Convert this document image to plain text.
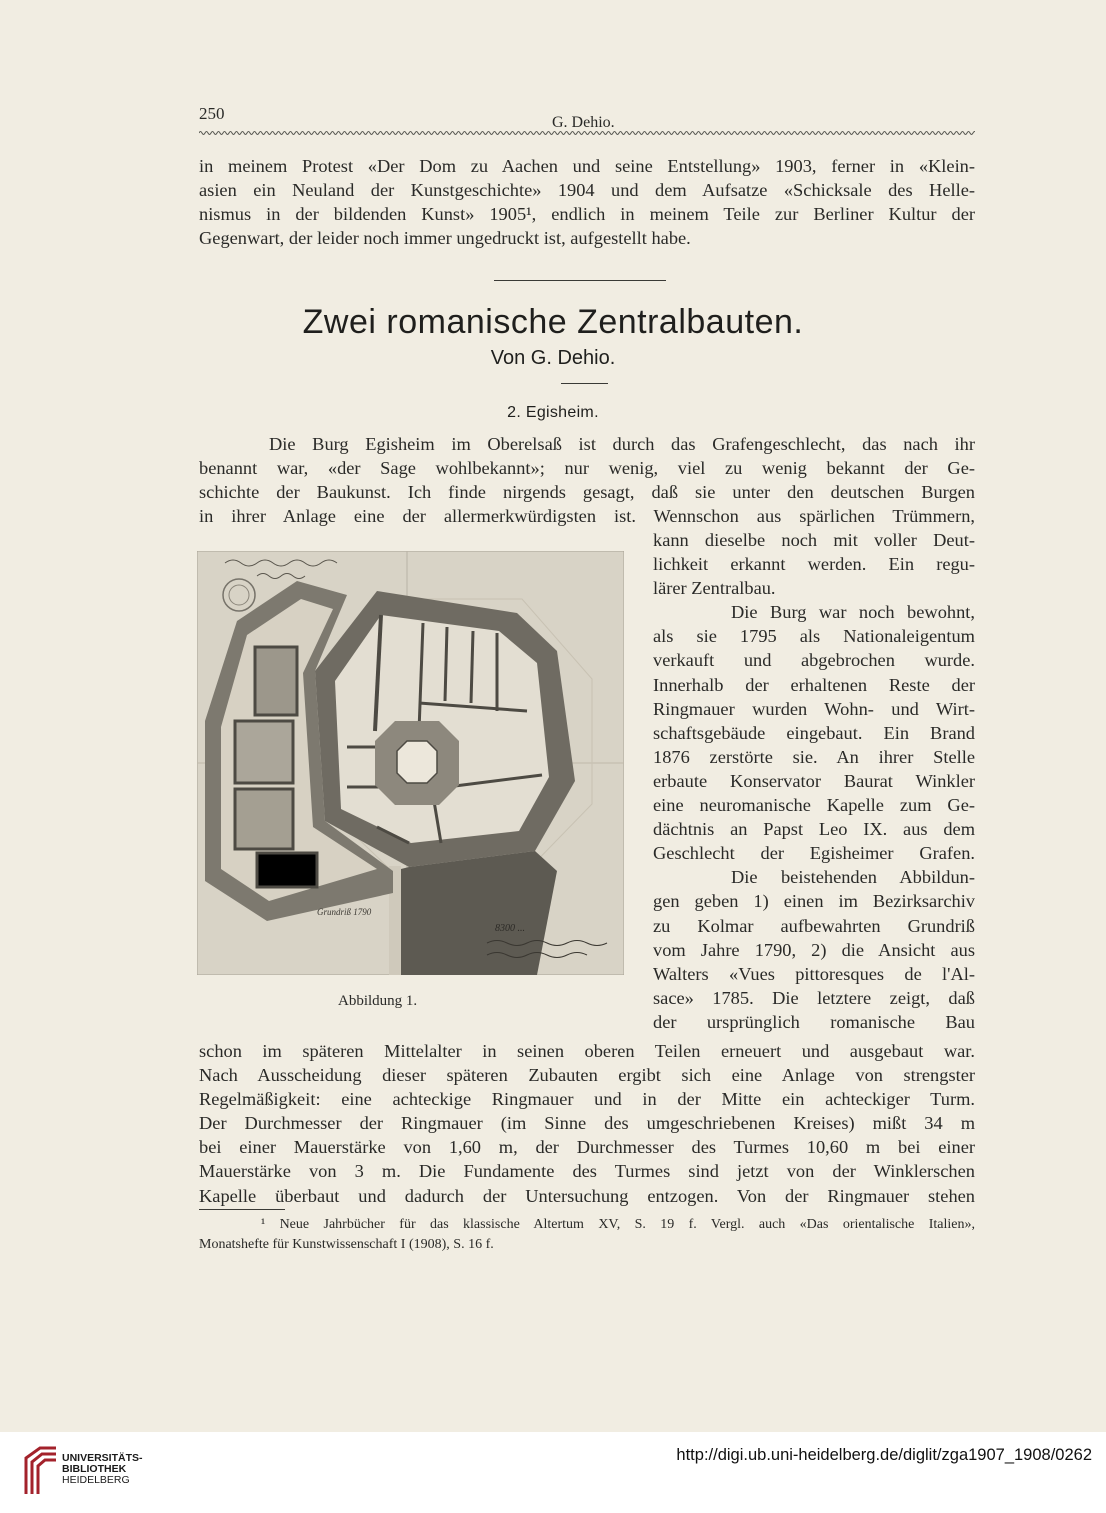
250	G. Dehio.
in meinem Protest «Der Dom zu Aachen und seine Entstellung» 1903, ferner in «Klein-
asien ein Neuland der Kunstgeschichte» 1904 und dem Aufsatze «Schicksale des Helle-
nismus in der bildenden Kunst» 1905¹, endlich in meinem Teile zur Berliner Kultur der
Gegenwart, der leider noch immer ungedruckt ist, aufgestellt habe.
Zwei romanische Zentralbauten.
Von G. Dehio.
2. Egisheim.
Die Burg Egisheim im Oberelsaß ist durch das Grafengeschlecht, das nach ihr
benannt war, «der Sage wohlbekannt»; nur wenig, viel zu wenig bekannt der Ge-
schichte der Baukunst. Ich finde nirgends gesagt, daß sie unter den deutschen Burgen
in ihrer Anlage eine der allermerkwürdigsten ist. Wennschon aus spärlichen Trümmern,
8300 ...
Grundriß 1790
Abbildung 1.
kann dieselbe noch mit voller Deut-
lichkeit erkannt werden. Ein regu-
lärer Zentralbau.
Die Burg war noch bewohnt,
als sie 1795 als Nationaleigentum
verkauft und abgebrochen wurde.
Innerhalb der erhaltenen Reste der
Ringmauer wurden Wohn- und Wirt-
schaftsgebäude eingebaut. Ein Brand
1876 zerstörte sie. An ihrer Stelle
erbaute Konservator Baurat Winkler
eine neuromanische Kapelle zum Ge-
dächtnis an Papst Leo IX. aus dem
Geschlecht der Egisheimer Grafen.
Die beistehenden Abbildun-
gen geben 1) einen im Bezirksarchiv
zu Kolmar aufbewahrten Grundriß
vom Jahre 1790, 2) die Ansicht aus
Walters «Vues pittoresques de l'Al-
sace» 1785. Die letztere zeigt, daß
der ursprünglich romanische Bau
schon im späteren Mittelalter in seinen oberen Teilen erneuert und ausgebaut war.
Nach Ausscheidung dieser späteren Zubauten ergibt sich eine Anlage von strengster
Regelmäßigkeit: eine achteckige Ringmauer und in der Mitte ein achteckiger Turm.
Der Durchmesser der Ringmauer (im Sinne des umgeschriebenen Kreises) mißt 34 m
bei einer Mauerstärke von 1,60 m, der Durchmesser des Turmes 10,60 m bei einer
Mauerstärke von 3 m. Die Fundamente des Turmes sind jetzt von der Winklerschen
Kapelle überbaut und dadurch der Untersuchung entzogen. Von der Ringmauer stehen
¹ Neue Jahrbücher für das klassische Altertum XV, S. 19 f. Vergl. auch «Das orientalische Italien»,
Monatshefte für Kunstwissenschaft I (1908), S. 16 f.
UNIVERSITÄTS-
BIBLIOTHEK
HEIDELBERG
http://digi.ub.uni-heidelberg.de/diglit/zga1907_1908/0262
